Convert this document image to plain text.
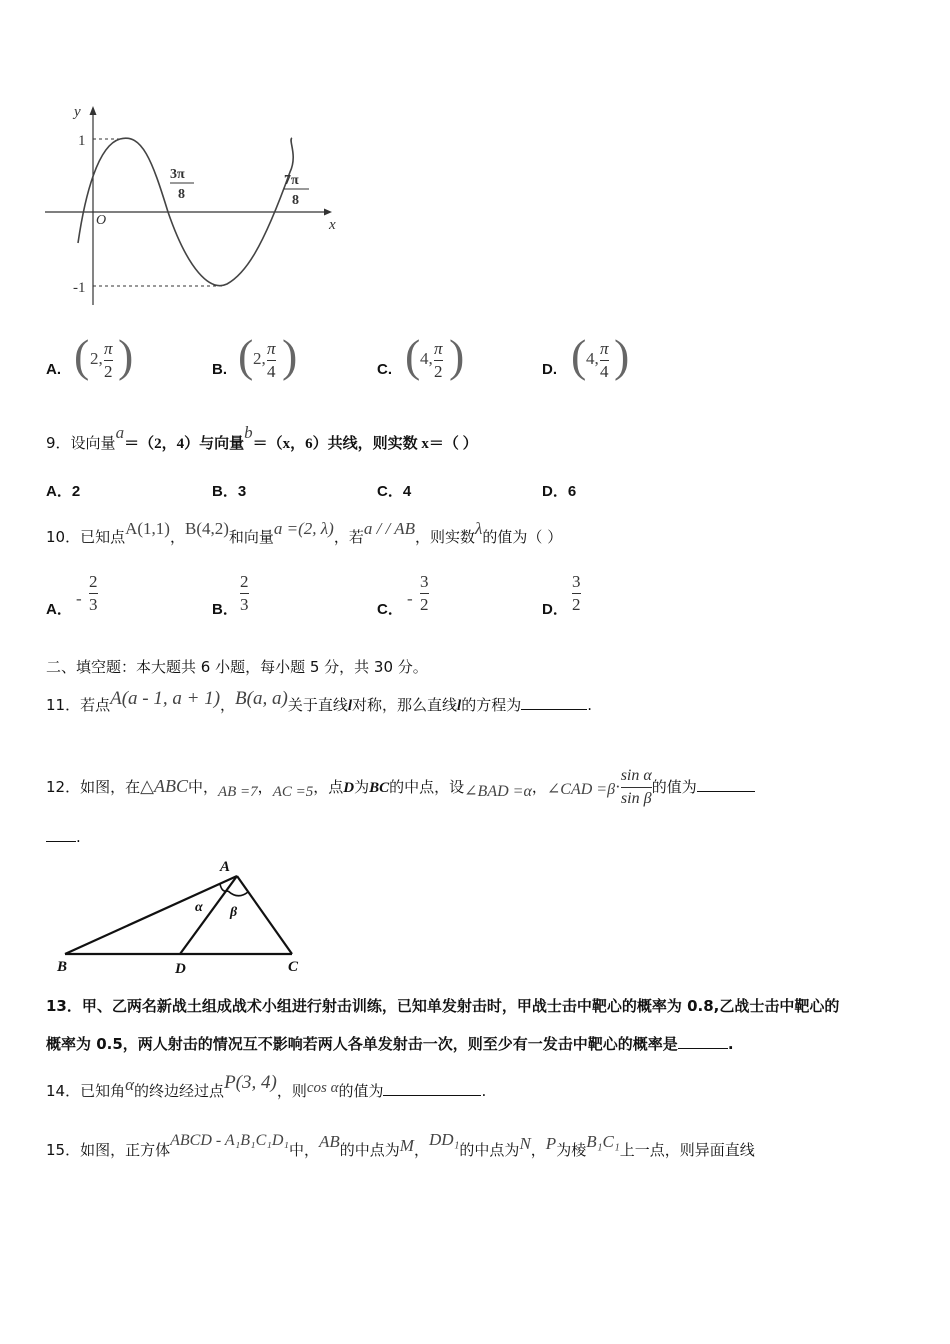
y
x
O
1
-1
3π
8
7π
8
A. ( 2,
π
2 )	B. ( 2,
π
4 )	C. ( 4,
π
2 )	D. ( 4,
π
4 )
9．设向量a＝（2，4）与向量b＝（x，6）共线，则实数 x＝（ ）
A．2	B．3	C．4	D．6
10．已知点A(1,1)，B(4,2)和向量a =(2, λ)，若a / / AB，则实数λ的值为（ ）
A．
-
2
3	B．
2
3	C．
-
3
2	D．
3
2
二、填空题：本大题共 6 小题，每小题 5 分，共 30 分。
11．若点A(a - 1, a + 1)，B(a, a)关于直线l对称，那么直线l的方程为	.
12．如图，在△ABC中，AB =7，AC =5，点D为BC的中点，设∠BAD =α，∠CAD $=\beta\cdot \frac{\text{sin α}}{\text{sin β}}$ 的值为
.
A
B	C
D
α β
13．甲、乙两名新战土组成战术小组进行射击训练，已知单发射击时，甲战士击中靶心的概率为 0.8,乙战士击中靶心的
概率为 0.5，两人射击的情况互不影响若两人各单发射击一次，则至少有一发击中靶心的概率是	.
14．已知角α的终边经过点P(3, 4)，则cos α的值为	.
15．如图，正方体ABCD - A₁B₁C₁D₁中，AB的中点为M，DD₁的中点为N，P为棱B₁C₁上一点，则异面直线
